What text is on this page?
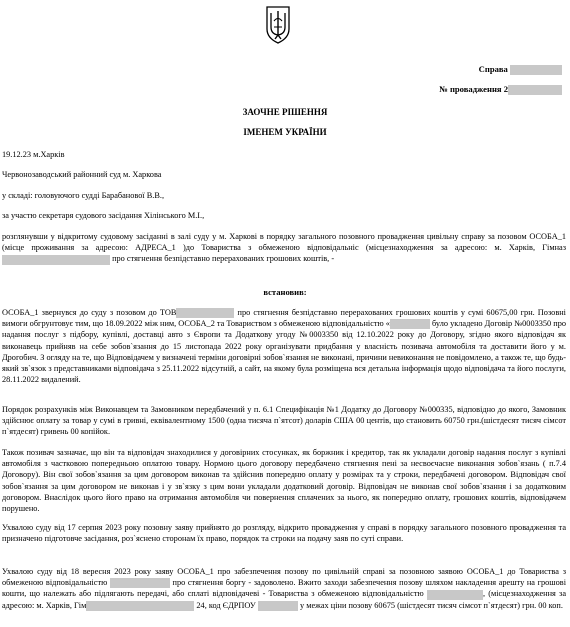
Справа
№ провадження 2
ЗАОЧНЕ РІШЕННЯ
ІМЕНЕМ УКРАЇНИ
19.12.23 м.Харків
Червонозаводський районний суд м. Харкова
у складі: головуючого судді Барабанової В.В.,
за участю секретаря судового засідання Хілінського М.І.,
розглянувши у відкритому судовому засіданні в залі суду у м. Харкові в порядку загального позовного провадження цивільну справу за позовом ОСОБА_1 (місце проживання за адресою: АДРЕСА_1 )до Товариства з обмеженою відповідальніс (місцезнаходження за адресою: м. Харків, Гімназ про стягнення безпідставно перерахованих грошових коштів, -
встановив:
ОСОБА_1 звернувся до суду з позовом до ТОВ	про стягнення безпідставно перерахованих грошових коштів у сумі 60675,00 грн. Позовні вимоги обгрунтовує тим, що 18.09.2022 між ним, ОСОБА_2 та Товариством з обмеженою відповідальністю «	було укладено Договір №0003350 про надання послуг з підбору, купівлі, доставці авто з Європи та Додаткову угоду №0003350 від 12.10.2022 року до Договору, згідно якого відповідач як виконавець прийняв на себе зобов`язання до 15 листопада 2022 року організувати придбання у власність позивача автомобіля та доставити його у м. Дрогобич. З огляду на те, що Відповідачем у визначені терміни договірні зобов`язання не виконані, причини невиконання не повідомлено, а також те, що будь-який зв`язок з представниками відповідача з 25.11.2022 відсутній, а сайт, на якому була розміщена вся детальна інформація щодо відповідача та його послуги, 28.11.2022 видалений.
Порядок розрахунків між Виконавцем та Замовником передбачений у п. 6.1 Специфікація №1 Додатку до Договору №000335, відповідно до якого, Замовник здійснює оплату за товар у сумі в гривні, еквівалентному 1500 (одна тисяча п`ятсот) доларів США 00 центів, що становить 60750 грн.(шістдесят тисяч сімсот п`ятдесят) гривень 00 копійок.
Також позивач зазначає, що він та відповідач знаходилися у договірних стосунках, як боржник і кредитор, так як укладали договір надання послуг з купівлі автомобіля з частковою попередньою оплатою товару. Нормою цього договору передбачено стягнення пені за несвоєчасне виконання зобов`язань ( п.7.4 Договору). Він свої зобов`язання за цим договором виконав та здійснив попередню оплату у розмірах та у строки, передбачені договором. Відповідач свої зобов`язання за цим договором не виконав і у зв`язку з цим вони укладали додатковий договір. Відповідач не виконав свої зобов`язання і за додатковим договором. Внаслідок цього його право на отримання автомобіля чи повернення сплачених за нього, як попередню оплату, грошових коштів, відповідачем порушено.
Ухвалою суду від 17 серпня 2023 року позовну заяву прийнято до розгляду, відкрито провадження у справі в порядку загального позовного провадження та призначено підготовче засідання, роз`яснено сторонам їх право, порядок та строки на подачу заяв по суті справи.
Ухвалою суду від 18 вересня 2023 року заяву ОСОБА_1 про забезпечення позову по цивільній справі за позовною заявою ОСОБА_1 до Товариства з обмеженою відповідальністю	про стягнення боргу - задоволено. Вжито заходи забезпечення позову шляхом накладення арешту на грошові кошти, що належать або підлягають передачі, або сплаті відповідачеві - Товариства з обмеженою відповідальністю	, (місцезнаходження за адресою: м. Харків, Гім	24, код ЄДРПОУ	у межах ціни позову 60675 (шістдесят тисяч сімсот п`ятдесят) грн. 00 коп.
